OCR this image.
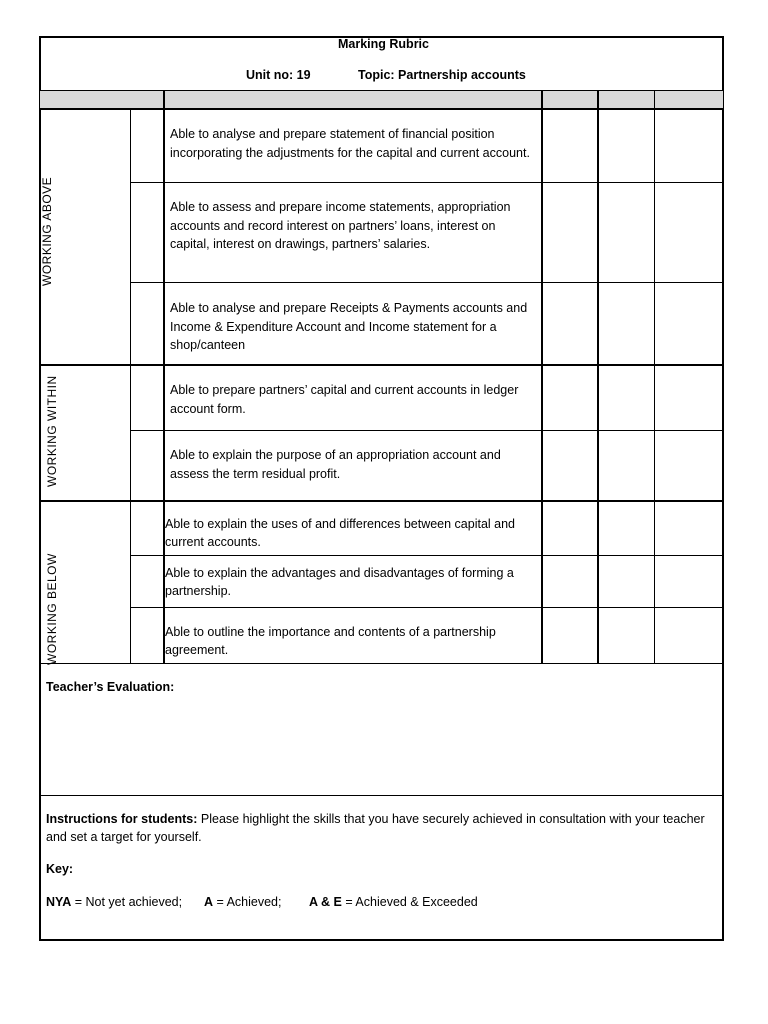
Marking Rubric
Unit no: 19	Topic: Partnership accounts
WORKING ABOVE
WORKING WITHIN
WORKING BELOW
Able to analyse and prepare statement of financial position incorporating the adjustments for the capital and current account.
Able to assess and prepare income statements, appropriation accounts and record interest on partners’ loans, interest on capital, interest on drawings, partners’ salaries.
Able to analyse and prepare Receipts & Payments accounts and Income & Expenditure Account and Income statement for a shop/canteen
Able to prepare partners’ capital and current accounts in ledger account form.
Able to explain the purpose of an appropriation account and assess the term residual profit.
Able to explain the uses of and differences between capital and current accounts.
Able to explain the advantages and disadvantages of forming a partnership.
Able to outline the importance and contents of a partnership agreement.
Teacher’s Evaluation:
Instructions for students: Please highlight the skills that you have securely achieved in consultation with your teacher
and set a target for yourself.
Key:
NYA = Not yet achieved; A = Achieved; A & E = Achieved & Exceeded
